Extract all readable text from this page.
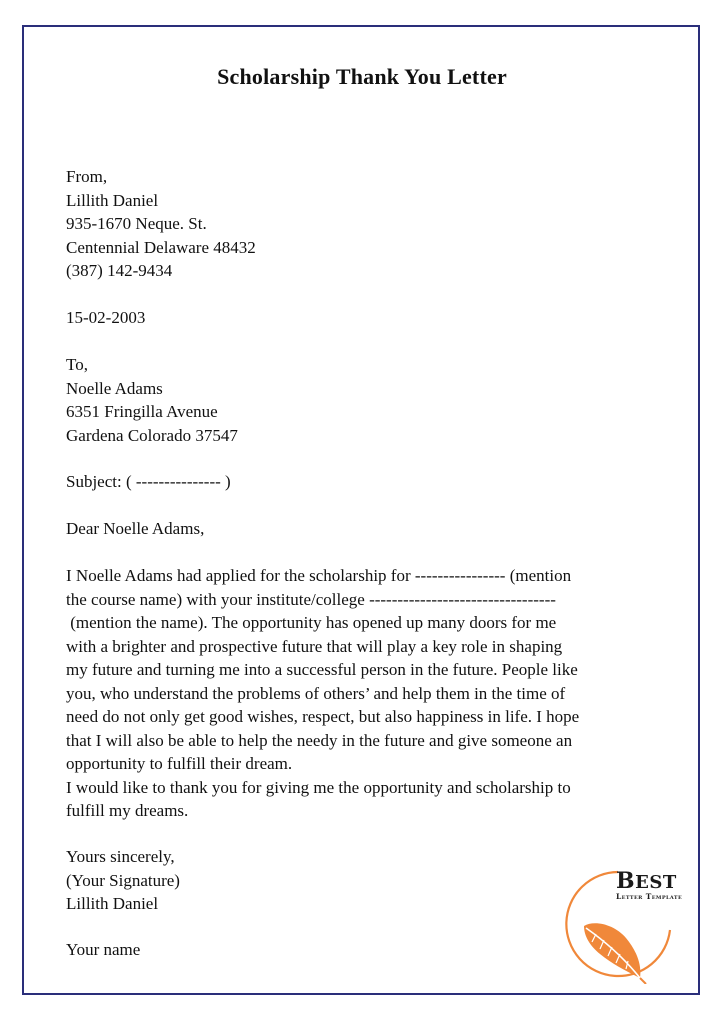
Scholarship Thank You Letter
From,
Lillith Daniel
935-1670 Neque. St.
Centennial Delaware 48432
(387) 142-9434
15-02-2003
To,
Noelle Adams
6351 Fringilla Avenue
Gardena Colorado 37547
Subject: ( --------------- )
Dear Noelle Adams,
I Noelle Adams had applied for the scholarship for ---------------- (mention
the course name) with your institute/college ---------------------------------
(mention the name). The opportunity has opened up many doors for me
with a brighter and prospective future that will play a key role in shaping
my future and turning me into a successful person in the future. People like
you, who understand the problems of others’ and help them in the time of
need do not only get good wishes, respect, but also happiness in life. I hope
that I will also be able to help the needy in the future and give someone an
opportunity to fulfill their dream.
I would like to thank you for giving me the opportunity and scholarship to
fulfill my dreams.
Yours sincerely,
(Your Signature)
Lillith Daniel
Your name
BEST
Letter Template
